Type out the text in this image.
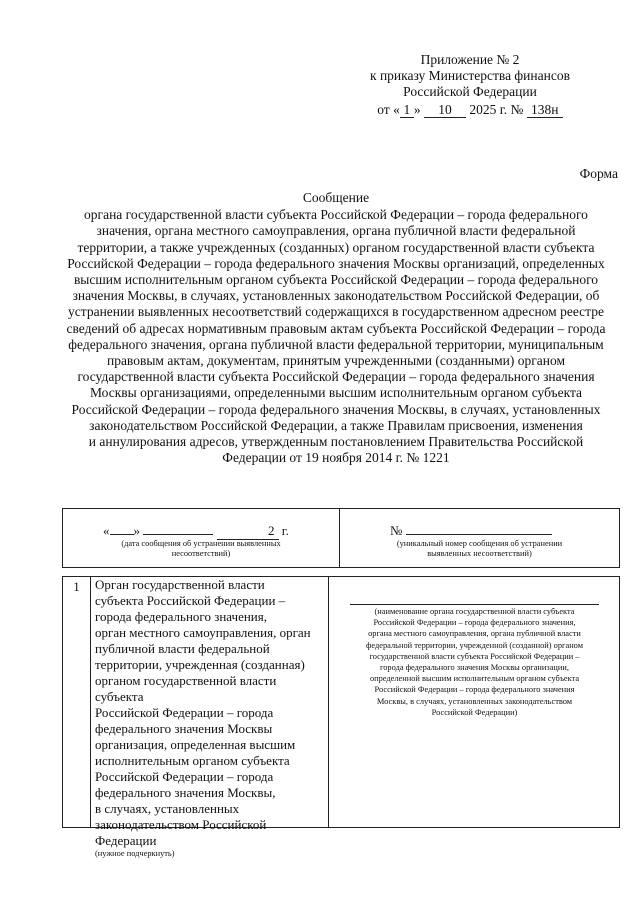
Приложение № 2
к приказу Министерства финансов
Российской Федерации
от « 1 » 10 2025 г. № 138н
Форма
Сообщение
органа государственной власти субъекта Российской Федерации – города федерального
значения, органа местного самоуправления, органа публичной власти федеральной
территории, а также учрежденных (созданных) органом государственной власти субъекта
Российской Федерации – города федерального значения Москвы организаций, определенных
высшим исполнительным органом субъекта Российской Федерации – города федерального
значения Москвы, в случаях, установленных законодательством Российской Федерации, об
устранении выявленных несоответствий содержащихся в государственном адресном реестре
сведений об адресах нормативным правовым актам субъекта Российской Федерации – города
федерального значения, органа публичной власти федеральной территории, муниципальным
правовым актам, документам, принятым учрежденными (созданными) органом
государственной власти субъекта Российской Федерации – города федерального значения
Москвы организациями, определенными высшим исполнительным органом субъекта
Российской Федерации – города федерального значения Москвы, в случаях, установленных
законодательством Российской Федерации, а также Правилам присвоения, изменения
и аннулирования адресов, утвержденным постановлением Правительства Российской
Федерации от 19 ноября 2014 г. № 1221
« »	2 г.
(дата сообщения об устранении выявленных
несоответствий)
№
(уникальный номер сообщения об устранении
выявленных несоответствий)
1	Орган государственной власти
субъекта Российской Федерации –
города федерального значения,
орган местного самоуправления, орган
публичной власти федеральной
территории, учрежденная (созданная)
органом государственной власти субъекта
Российской Федерации – города
федерального значения Москвы
организация, определенная высшим
исполнительным органом субъекта
Российской Федерации – города
федерального значения Москвы,
в случаях, установленных
законодательством Российской
Федерации
(нужное подчеркнуть)
(наименование органа государственной власти субъекта
Российской Федерации – города федерального значения,
органа местного самоуправления, органа публичной власти
федеральной территории, учрежденной (созданной) органом
государственной власти субъекта Российской Федерации –
города федерального значения Москвы организации,
определенной высшим исполнительным органом субъекта
Российской Федерации – города федерального значения
Москвы, в случаях, установленных законодательством
Российской Федерации)
